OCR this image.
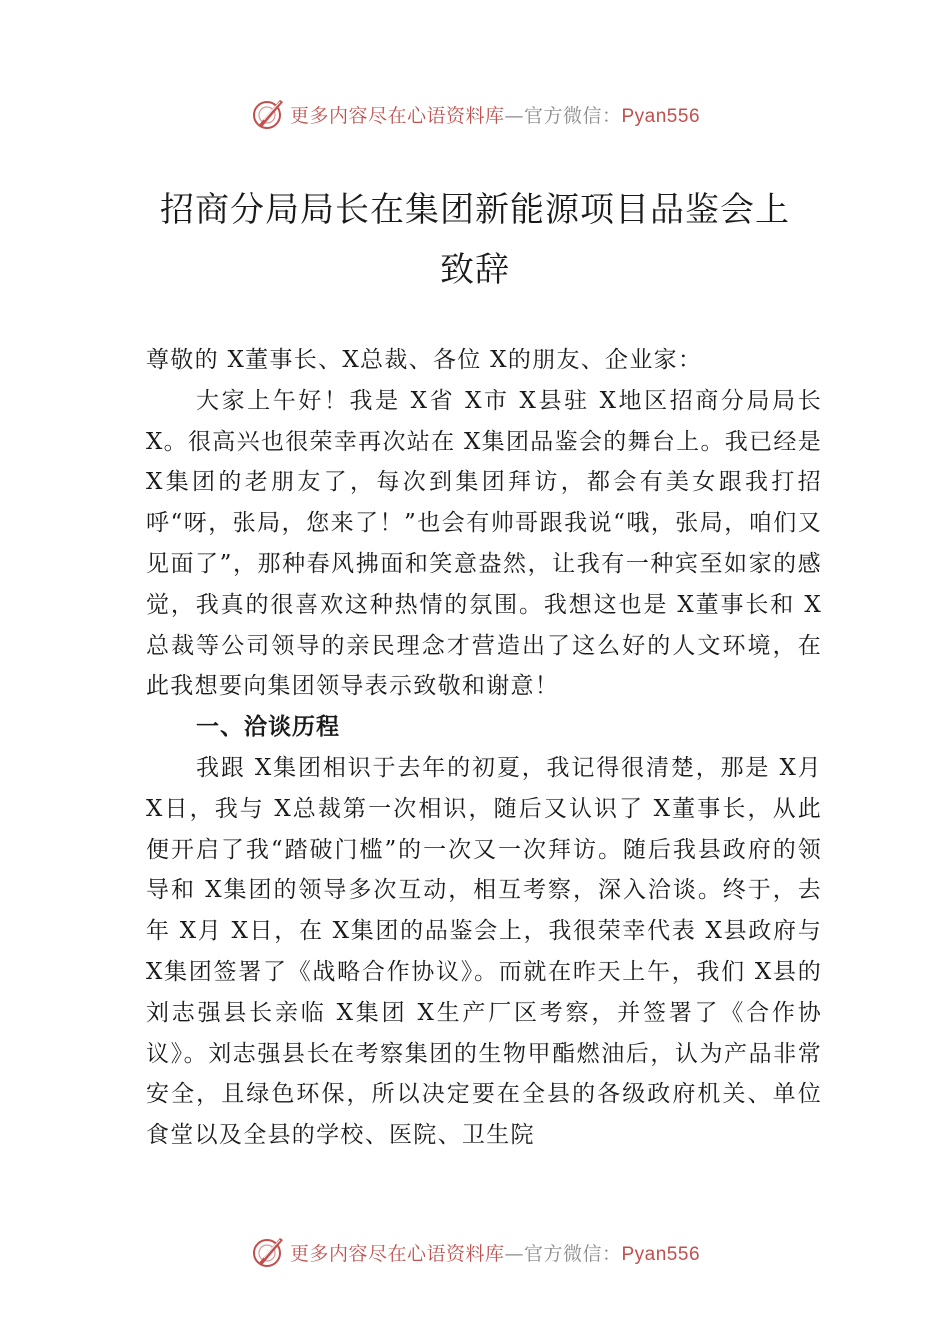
更多内容尽在心语资料库—官方微信：Pyan556
招商分局局长在集团新能源项目品鉴会上
致辞

尊敬的 X董事长、X总裁、各位 X的朋友、企业家：

大家上午好！我是 X省 X市 X县驻 X地区招商分局局长 X。很高兴也很荣幸再次站在 X集团品鉴会的舞台上。我已经是 X集团的老朋友了，每次到集团拜访，都会有美女跟我打招呼“呀，张局，您来了！”也会有帅哥跟我说“哦，张局，咱们又见面了”，那种春风拂面和笑意盎然，让我有一种宾至如家的感觉，我真的很喜欢这种热情的氛围。我想这也是 X董事长和 X总裁等公司领导的亲民理念才营造出了这么好的人文环境，在此我想要向集团领导表示致敬和谢意！

一、洽谈历程

我跟 X集团相识于去年的初夏，我记得很清楚，那是 X月 X日，我与 X总裁第一次相识，随后又认识了 X董事长，从此便开启了我“踏破门槛”的一次又一次拜访。随后我县政府的领导和 X集团的领导多次互动，相互考察，深入洽谈。终于，去年 X月 X日，在 X集团的品鉴会上，我很荣幸代表 X县政府与 X集团签署了《战略合作协议》。而就在昨天上午，我们 X县的刘志强县长亲临 X集团 X生产厂区考察，并签署了《合作协议》。刘志强县长在考察集团的生物甲酯燃油后，认为产品非常安全，且绿色环保，所以决定要在全县的各级政府机关、单位食堂以及全县的学校、医院、卫生院

更多内容尽在心语资料库—官方微信：Pyan556
